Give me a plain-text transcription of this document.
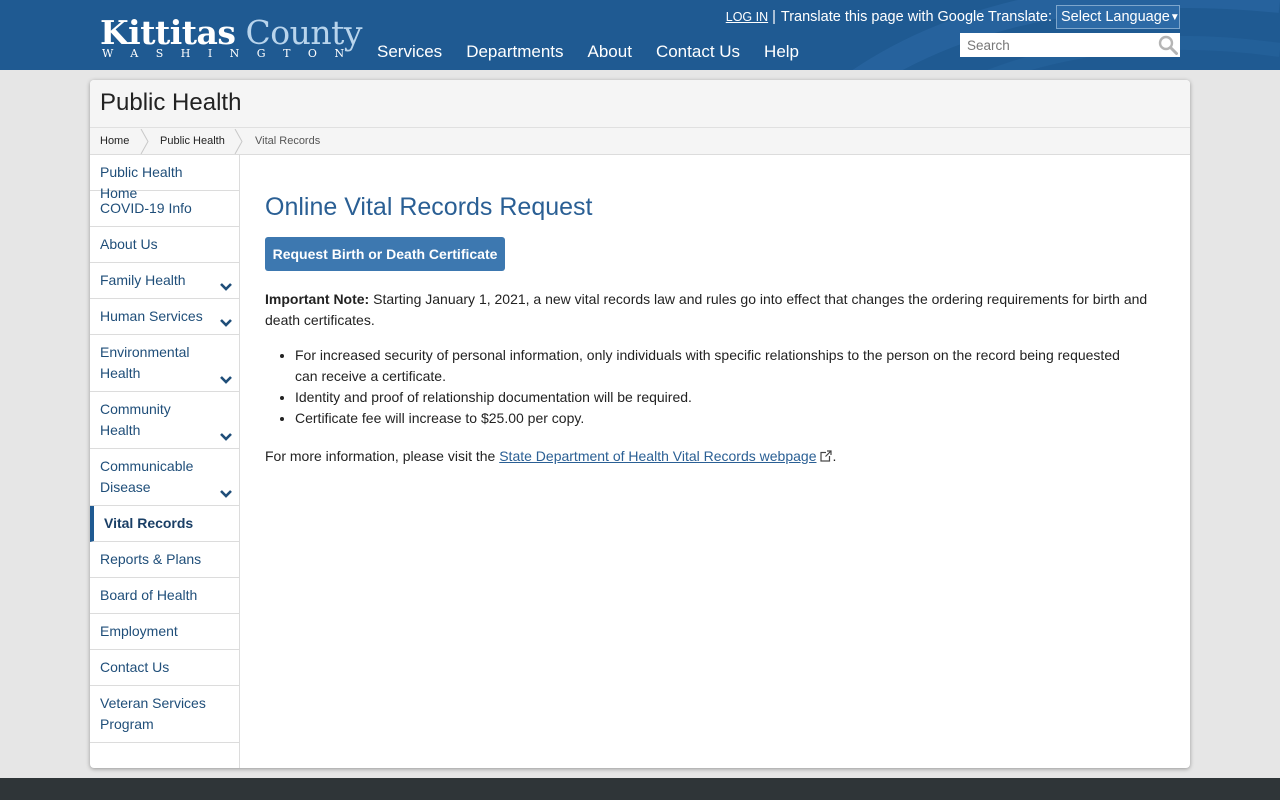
Kittitas County
WASHINGTON Services Departments About Contact Us Help
LOG IN | Translate this page with Google Translate: Select Language ▼
Search
Public Health
Home	Public Health	Vital Records
Public Health Home
COVID-19 Info
About Us
Family Health
Human Services
Environmental Health
Community Health
Communicable Disease
Vital Records
Reports & Plans
Board of Health
Employment
Contact Us
Veteran Services Program
Online Vital Records Request
Request Birth or Death Certificate

Important Note: Starting January 1, 2021, a new vital records law and rules go into effect that changes the ordering requirements for birth and death certificates.

• For increased security of personal information, only individuals with specific relationships to the person on the record being requested can receive a certificate.
• Identity and proof of relationship documentation will be required.
• Certificate fee will increase to $25.00 per copy.

For more information, please visit the State Department of Health Vital Records webpage .
